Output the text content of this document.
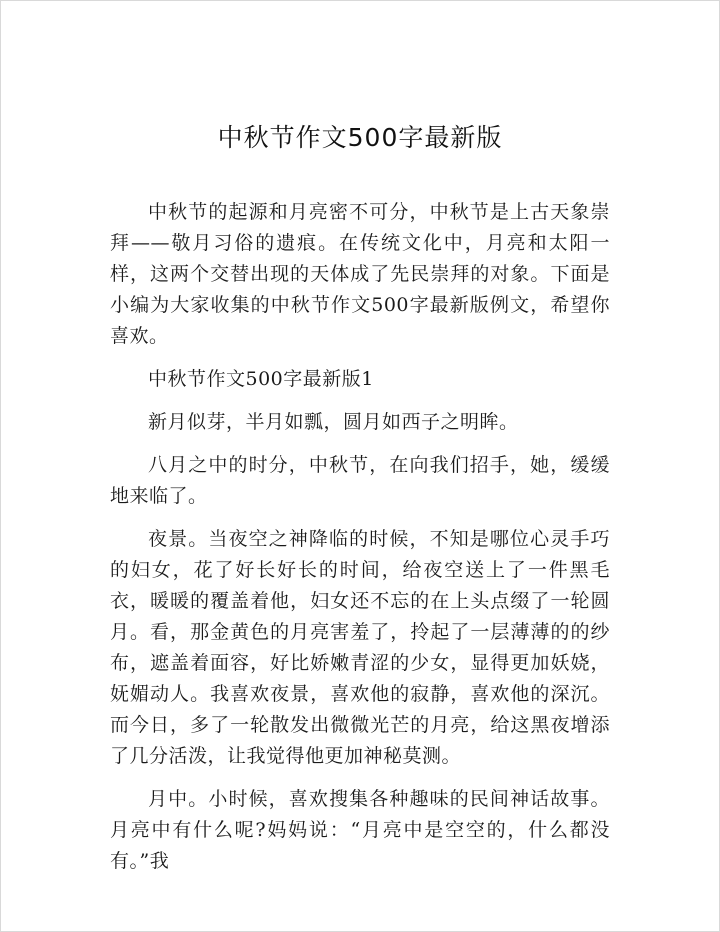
中秋节作文500字最新版

中秋节的起源和月亮密不可分，中秋节是上古天象崇拜——敬月习俗的遗痕。在传统文化中，月亮和太阳一样，这两个交替出现的天体成了先民崇拜的对象。下面是小编为大家收集的中秋节作文500字最新版例文，希望你喜欢。

中秋节作文500字最新版1

新月似芽，半月如瓢，圆月如西子之明眸。

八月之中的时分，中秋节，在向我们招手，她，缓缓地来临了。

夜景。当夜空之神降临的时候，不知是哪位心灵手巧的妇女，花了好长好长的时间，给夜空送上了一件黑毛衣，暖暖的覆盖着他，妇女还不忘的在上头点缀了一轮圆月。看，那金黄色的月亮害羞了，拎起了一层薄薄的的纱布，遮盖着面容，好比娇嫩青涩的少女，显得更加妖娆，妩媚动人。我喜欢夜景，喜欢他的寂静，喜欢他的深沉。而今日，多了一轮散发出微微光芒的月亮，给这黑夜增添了几分活泼，让我觉得他更加神秘莫测。

月中。小时候，喜欢搜集各种趣味的民间神话故事。月亮中有什么呢?妈妈说：“月亮中是空空的，什么都没有。”我
